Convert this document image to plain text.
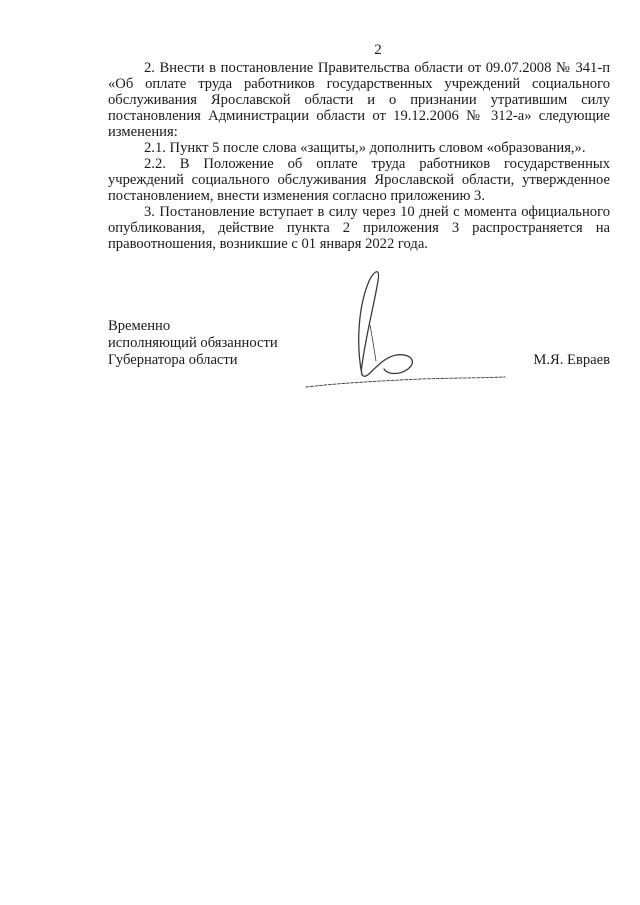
2

2. Внести в постановление Правительства области от 09.07.2008 № 341-п «Об оплате труда работников государственных учреждений социального обслуживания Ярославской области и о признании утратившим силу постановления Администрации области от 19.12.2006 № 312-а» следующие изменения:

2.1. Пункт 5 после слова «защиты,» дополнить словом «образования,».

2.2. В Положение об оплате труда работников государственных учреждений социального обслуживания Ярославской области, утвержденное постановлением, внести изменения согласно приложению 3.

3. Постановление вступает в силу через 10 дней с момента официального опубликования, действие пункта 2 приложения 3 распространяется на правоотношения, возникшие с 01 января 2022 года.

Временно
исполняющий обязанности
Губернатора области	М.Я. Евраев
